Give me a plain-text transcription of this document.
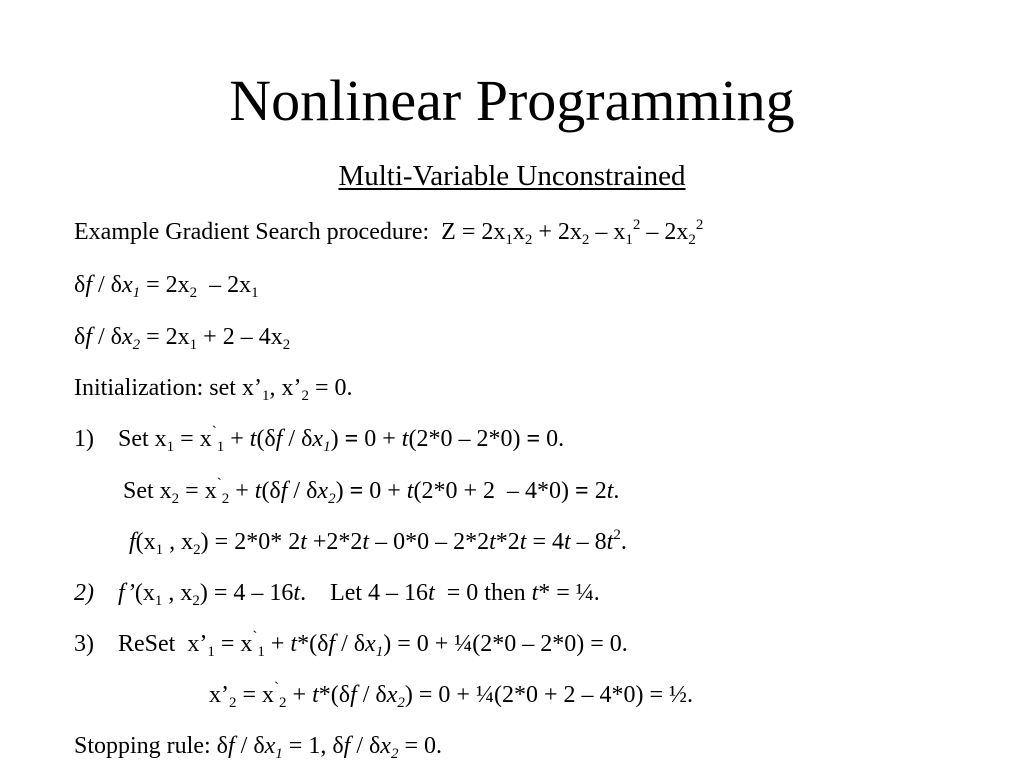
Nonlinear Programming
Multi-Variable Unconstrained
Example Gradient Search procedure:  $Z = 2x_1x_2 + 2x_2 - x_1^2 - 2x_2^2$
$\delta f / \delta x_1 = 2x_2 - 2x_1$
$\delta f / \delta x_2 = 2x_1 + 2 - 4x_2$
Initialization: set $x’_1$, $x’_2 = 0$.
1)    Set $x_1 = x^`_1 + t(\delta f / \delta x_1) = 0 + t(2*0 - 2*0) = 0$.
Set $x_2 = x^`_2 + t(\delta f / \delta x_2) = 0 + t(2*0 + 2 - 4*0) = 2t$.
$f(x_1$ , $x_2) = 2*0*$ $2t +2*2t - 0*0 - 2*2t*2t = 4t - 8t^2$.
2) $f’(x_1$ , $x_2) = 4 - 16t$.    Let 4 – 16t  = 0 then t* = ¼.
3)    ReSet  $x’_1 = x^`_1 + t*(\delta f / \delta x_1) = 0$ + ¼(2*0 – 2*0) = 0.
$x’_2 = x^`_2 + t*(\delta f / \delta x_2) = 0$ + ¼(2*0 + 2 – 4*0) = ½.
Stopping rule: $\delta f / \delta x_1 = 1$, $\delta f / \delta x_2 = 0$.
